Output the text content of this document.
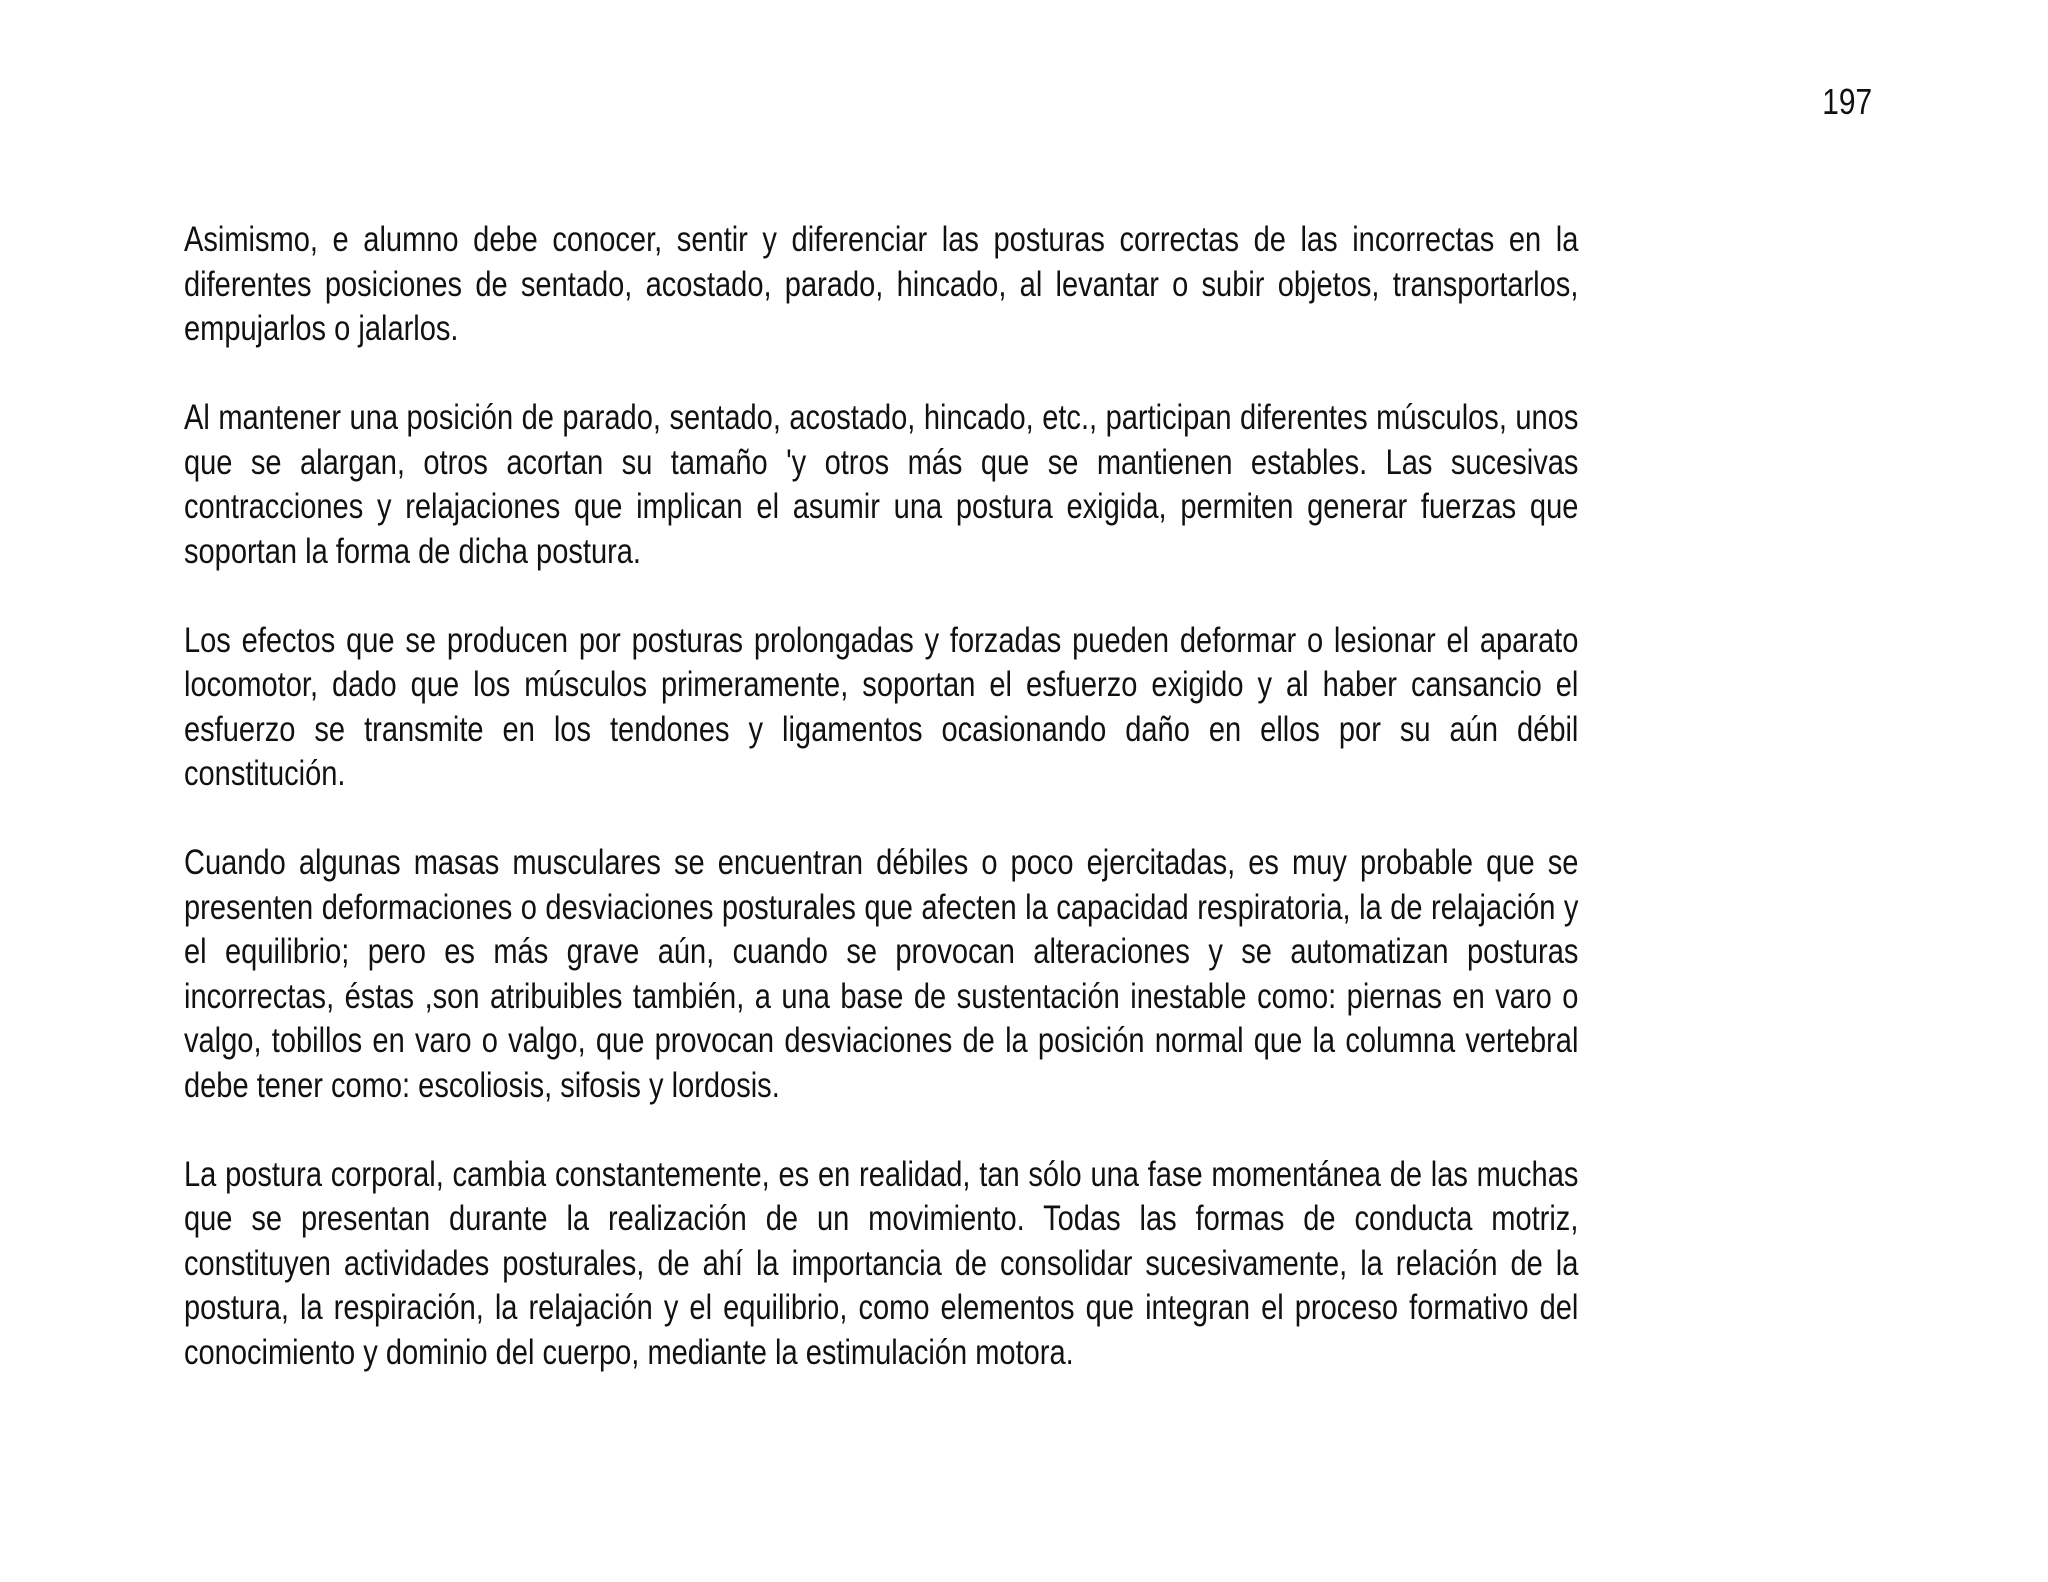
197

Asimismo, e alumno debe conocer, sentir y diferenciar las posturas correctas de las incorrectas en la diferentes posiciones de sentado, acostado, parado, hincado, al levantar o subir objetos, transportarlos, empujarlos o jalarlos.

Al mantener una posición de parado, sentado, acostado, hincado, etc., participan diferentes músculos, unos que se alargan, otros acortan su tamaño 'y otros más que se mantienen estables. Las sucesivas contracciones y relajaciones que implican el asumir una postura exigida, permiten generar fuerzas que soportan la forma de dicha postura.

Los efectos que se producen por posturas prolongadas y forzadas pueden deformar o lesionar el aparato locomotor, dado que los músculos primeramente, soportan el esfuerzo exigido y al haber cansancio el esfuerzo se transmite en los tendones y ligamentos ocasionando daño en ellos por su aún débil constitución.

Cuando algunas masas musculares se encuentran débiles o poco ejercitadas, es muy probable que se presenten deformaciones o desviaciones posturales que afecten la capacidad respiratoria, la de relajación y el equilibrio; pero es más grave aún, cuando se provocan alteraciones y se automatizan posturas incorrectas, éstas ,son atribuibles también, a una base de sustentación inestable como: piernas en varo o valgo, tobillos en varo o valgo, que provocan desviaciones de la posición normal que la columna vertebral debe tener como: escoliosis, sifosis y lordosis.

La postura corporal, cambia constantemente, es en realidad, tan sólo una fase momentánea de las muchas que se presentan durante la realización de un movimiento. Todas las formas de conducta motriz, constituyen actividades posturales, de ahí la importancia de consolidar sucesivamente, la relación de la postura, la respiración, la relajación y el equilibrio, como elementos que integran el proceso formativo del conocimiento y dominio del cuerpo, mediante la estimulación motora.
